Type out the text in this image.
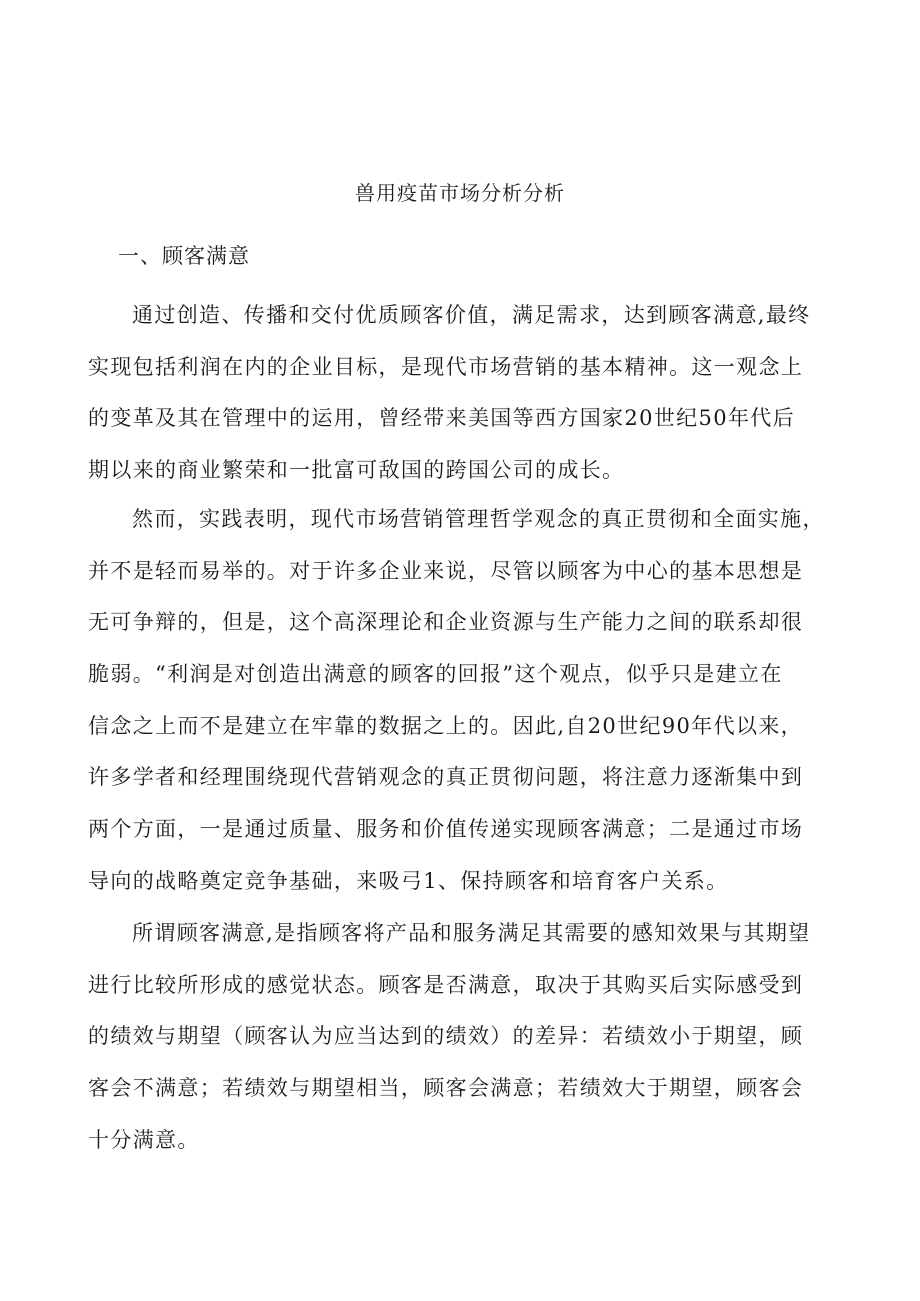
兽用疫苗市场分析分析
一、顾客满意
通过创造、传播和交付优质顾客价值，满足需求，达到顾客满意,最终
实现包括利润在内的企业目标，是现代市场营销的基本精神。这一观念上
的变革及其在管理中的运用，曾经带来美国等西方国家20世纪50年代后
期以来的商业繁荣和一批富可敌国的跨国公司的成长。
然而，实践表明，现代市场营销管理哲学观念的真正贯彻和全面实施，
并不是轻而易举的。对于许多企业来说，尽管以顾客为中心的基本思想是
无可争辩的，但是，这个高深理论和企业资源与生产能力之间的联系却很
脆弱。“利润是对创造出满意的顾客的回报”这个观点，似乎只是建立在
信念之上而不是建立在牢靠的数据之上的。因此,自20世纪90年代以来，
许多学者和经理围绕现代营销观念的真正贯彻问题，将注意力逐渐集中到
两个方面，一是通过质量、服务和价值传递实现顾客满意；二是通过市场
导向的战略奠定竞争基础，来吸弓1、保持顾客和培育客户关系。
所谓顾客满意,是指顾客将产品和服务满足其需要的感知效果与其期望
进行比较所形成的感觉状态。顾客是否满意，取决于其购买后实际感受到
的绩效与期望（顾客认为应当达到的绩效）的差异：若绩效小于期望，顾
客会不满意；若绩效与期望相当，顾客会满意；若绩效大于期望，顾客会
十分满意。
